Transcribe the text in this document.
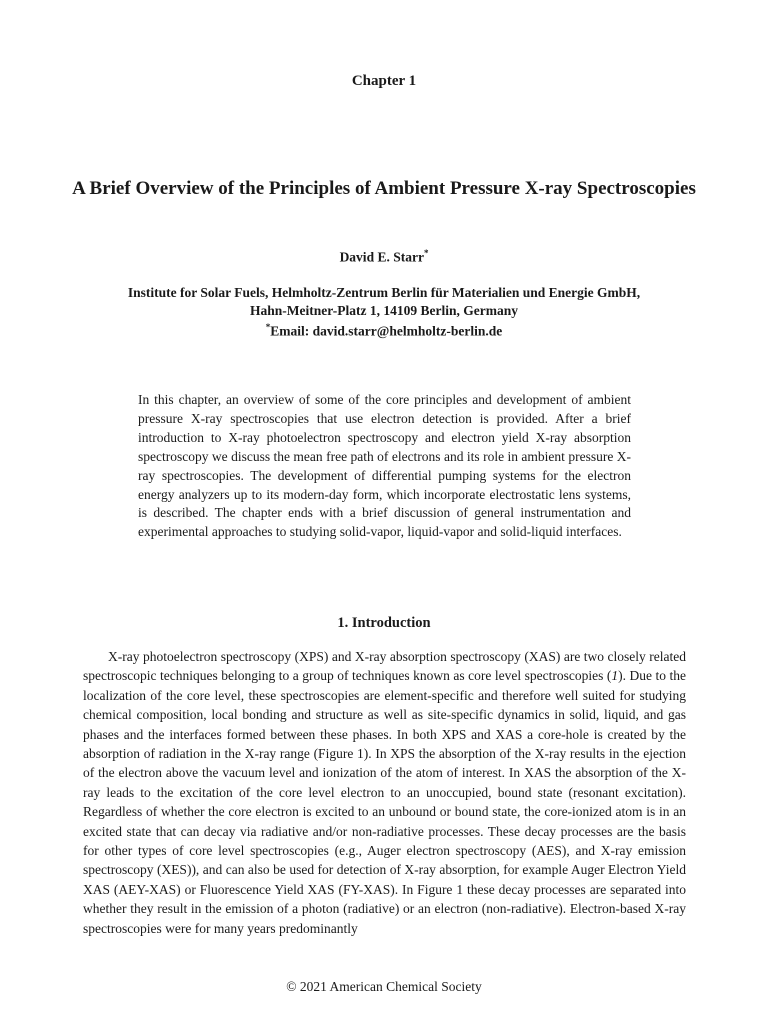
Chapter 1
A Brief Overview of the Principles of Ambient Pressure X-ray Spectroscopies
David E. Starr*
Institute for Solar Fuels, Helmholtz-Zentrum Berlin für Materialien und Energie GmbH,
Hahn-Meitner-Platz 1, 14109 Berlin, Germany
*Email: david.starr@helmholtz-berlin.de
In this chapter, an overview of some of the core principles and development of ambient pressure X-ray spectroscopies that use electron detection is provided. After a brief introduction to X-ray photoelectron spectroscopy and electron yield X-ray absorption spectroscopy we discuss the mean free path of electrons and its role in ambient pressure X-ray spectroscopies. The development of differential pumping systems for the electron energy analyzers up to its modern-day form, which incorporate electrostatic lens systems, is described. The chapter ends with a brief discussion of general instrumentation and experimental approaches to studying solid-vapor, liquid-vapor and solid-liquid interfaces.
1. Introduction

X-ray photoelectron spectroscopy (XPS) and X-ray absorption spectroscopy (XAS) are two closely related spectroscopic techniques belonging to a group of techniques known as core level spectroscopies (1). Due to the localization of the core level, these spectroscopies are element-specific and therefore well suited for studying chemical composition, local bonding and structure as well as site-specific dynamics in solid, liquid, and gas phases and the interfaces formed between these phases. In both XPS and XAS a core-hole is created by the absorption of radiation in the X-ray range (Figure 1). In XPS the absorption of the X-ray results in the ejection of the electron above the vacuum level and ionization of the atom of interest. In XAS the absorption of the X-ray leads to the excitation of the core level electron to an unoccupied, bound state (resonant excitation). Regardless of whether the core electron is excited to an unbound or bound state, the core-ionized atom is in an excited state that can decay via radiative and/or non-radiative processes. These decay processes are the basis for other types of core level spectroscopies (e.g., Auger electron spectroscopy (AES), and X-ray emission spectroscopy (XES)), and can also be used for detection of X-ray absorption, for example Auger Electron Yield XAS (AEY-XAS) or Fluorescence Yield XAS (FY-XAS). In Figure 1 these decay processes are separated into whether they result in the emission of a photon (radiative) or an electron (non-radiative). Electron-based X-ray spectroscopies were for many years predominantly

© 2021 American Chemical Society
